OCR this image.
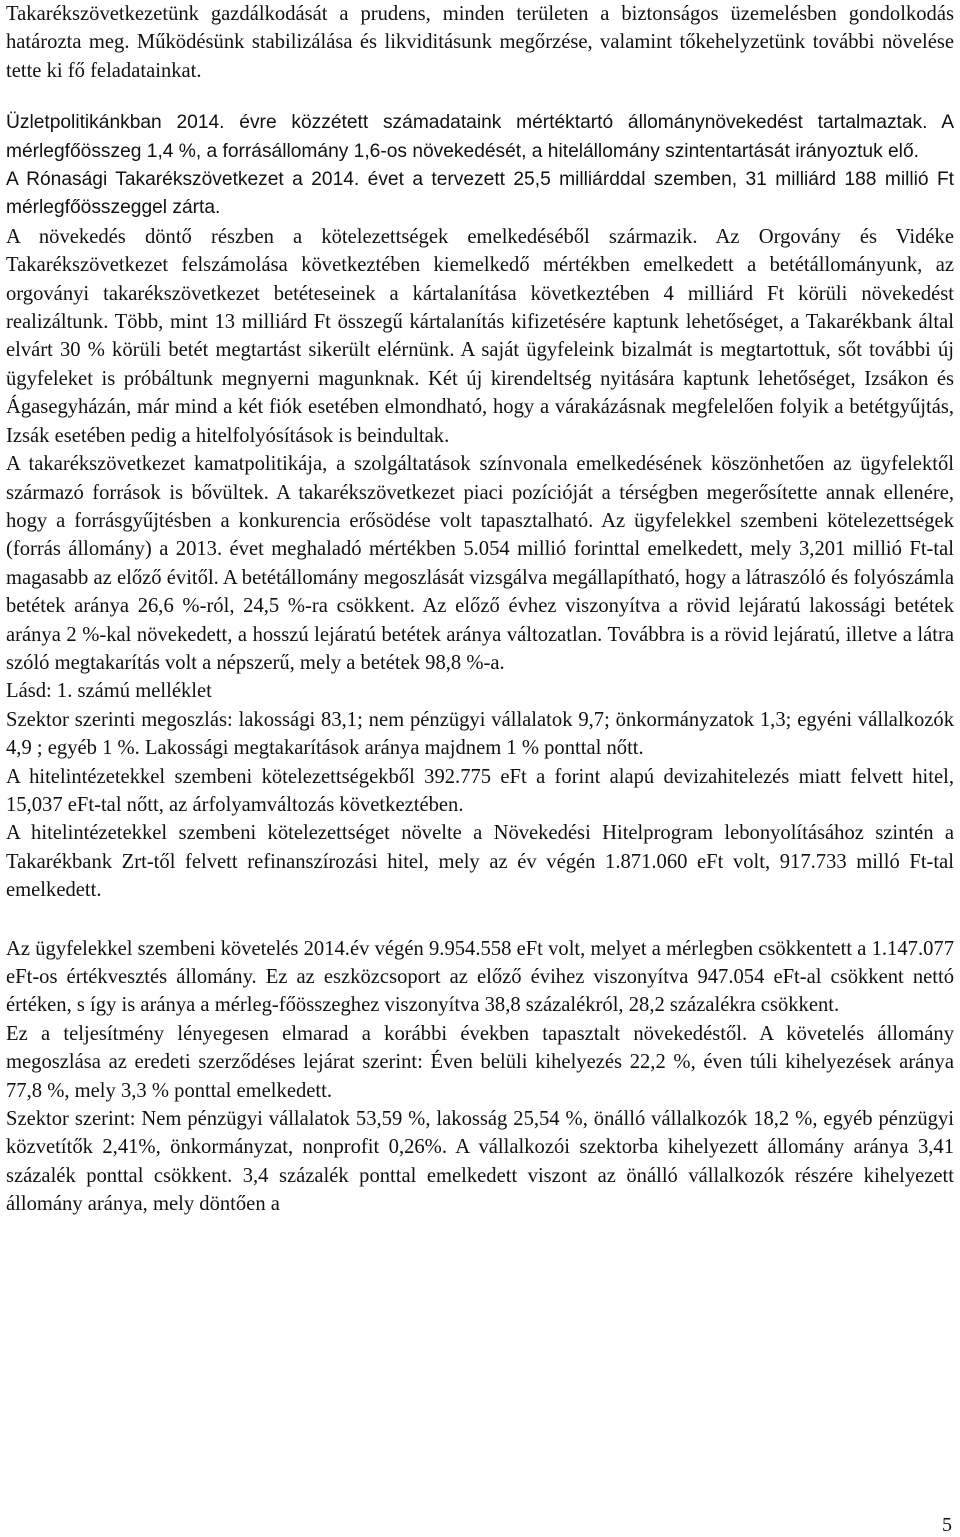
Takarékszövetkezetünk gazdálkodását a prudens, minden területen a biztonságos üzemelésben gondolkodás határozta meg. Működésünk stabilizálása és likviditásunk megőrzése, valamint tőkehelyzetünk további növelése tette ki fő feladatainkat.

Üzletpolitikánkban 2014. évre közzétett számadataink mértéktartó állománynövekedést tartalmaztak. A mérlegfőösszeg 1,4 %, a forrásállomány 1,6-os növekedését, a hitelállomány szintentartását irányoztuk elő.

A Rónasági Takarékszövetkezet a 2014. évet a tervezett 25,5 milliárddal szemben, 31 milliárd 188 millió Ft mérlegfőösszeggel zárta.

A növekedés döntő részben a kötelezettségek emelkedéséből származik. Az Orgovány és Vidéke Takarékszövetkezet felszámolása következtében kiemelkedő mértékben emelkedett a betétállományunk, az orgoványi takarékszövetkezet betéteseinek a kártalanítása következtében 4 milliárd Ft körüli növekedést realizáltunk. Több, mint 13 milliárd Ft összegű kártalanítás kifizetésére kaptunk lehetőséget, a Takarékbank által elvárt 30 % körüli betét megtartást sikerült elérnünk. A saját ügyfeleink bizalmát is megtartottuk, sőt további új ügyfeleket is próbáltunk megnyerni magunknak. Két új kirendeltség nyitására kaptunk lehetőséget, Izsákon és Ágasegyházán, már mind a két fiók esetében elmondható, hogy a várakázásnak megfelelően folyik a betétgyűjtás, Izsák esetében pedig a hitelfolyósítások is beindultak.

A takarékszövetkezet kamatpolitikája, a szolgáltatások színvonala emelkedésének köszönhetően az ügyfelektől származó források is bővültek. A takarékszövetkezet piaci pozícióját a térségben megerősítette annak ellenére, hogy a forrásgyűjtésben a konkurencia erősödése volt tapasztalható. Az ügyfelekkel szembeni kötelezettségek (forrás állomány) a 2013. évet meghaladó mértékben 5.054 millió forinttal emelkedett, mely 3,201 millió Ft-tal magasabb az előző évitől. A betétállomány megoszlását vizsgálva megállapítható, hogy a látraszóló és folyószámla betétek aránya 26,6 %-ról, 24,5 %-ra csökkent. Az előző évhez viszonyítva a rövid lejáratú lakossági betétek aránya 2 %-kal növekedett, a hosszú lejáratú betétek aránya változatlan. Továbbra is a rövid lejáratú, illetve a látra szóló megtakarítás volt a népszerű, mely a betétek 98,8 %-a.

Lásd: 1. számú melléklet

Szektor szerinti megoszlás: lakossági 83,1; nem pénzügyi vállalatok 9,7; önkormányzatok 1,3; egyéni vállalkozók 4,9 ; egyéb 1 %. Lakossági megtakarítások aránya majdnem 1 % ponttal nőtt.

A hitelintézetekkel szembeni kötelezettségekből 392.775 eFt a forint alapú devizahitelezés miatt felvett hitel, 15,037 eFt-tal nőtt, az árfolyamváltozás következtében.

A hitelintézetekkel szembeni kötelezettséget növelte a Növekedési Hitelprogram lebonyolításához szintén a Takarékbank Zrt-től felvett refinanszírozási hitel, mely az év végén 1.871.060 eFt volt, 917.733 milló Ft-tal emelkedett.

Az ügyfelekkel szembeni követelés 2014.év végén 9.954.558 eFt volt, melyet a mérlegben csökkentett a 1.147.077 eFt-os értékvesztés állomány. Ez az eszközcsoport az előző évihez viszonyítva 947.054 eFt-al csökkent nettó értéken, s így is aránya a mérleg-főösszeghez viszonyítva 38,8 százalékról, 28,2 százalékra csökkent.

Ez a teljesítmény lényegesen elmarad a korábbi években tapasztalt növekedéstől. A követelés állomány megoszlása az eredeti szerződéses lejárat szerint: Éven belüli kihelyezés 22,2 %, éven túli kihelyezések aránya 77,8 %, mely 3,3 % ponttal emelkedett.

Szektor szerint: Nem pénzügyi vállalatok 53,59 %, lakosság 25,54 %, önálló vállalkozók 18,2 %, egyéb pénzügyi közvetítők 2,41%, önkormányzat, nonprofit 0,26%. A vállalkozói szektorba kihelyezett állomány aránya 3,41 százalék ponttal csökkent. 3,4 százalék ponttal emelkedett viszont az önálló vállalkozók részére kihelyezett állomány aránya, mely döntően a

5
